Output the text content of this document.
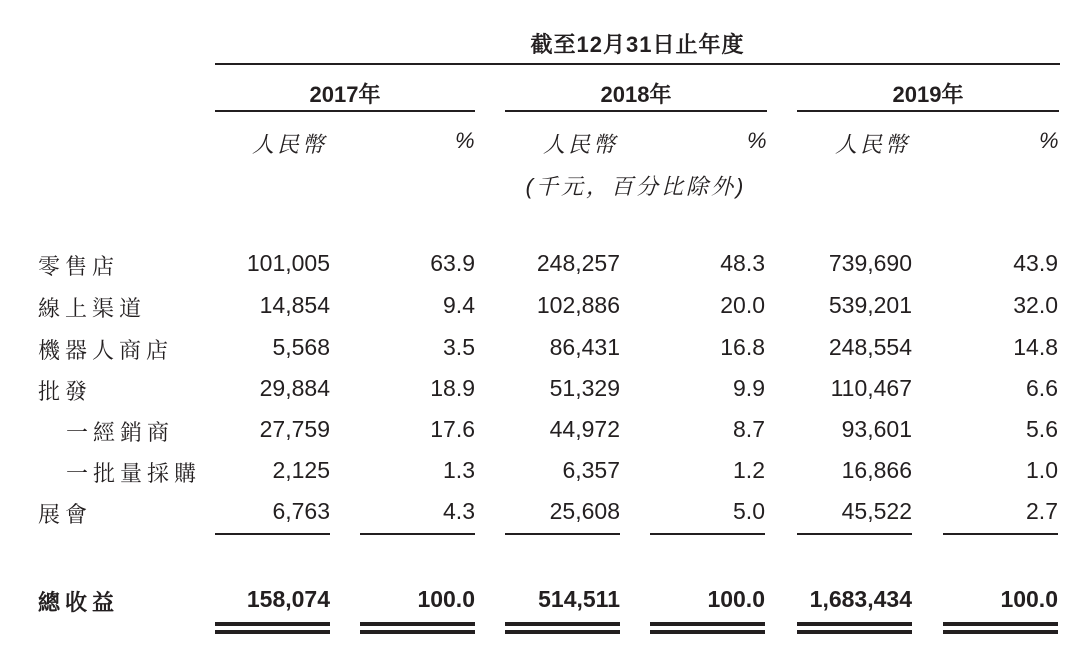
截至12月31日止年度
2017年	2018年	2019年
人民幣	%	人民幣	%	人民幣	%
(千元，百分比除外)
零售店	101,005	63.9	248,257	48.3	739,690	43.9
線上渠道	14,854	9.4	102,886	20.0	539,201	32.0
機器人商店	5,568	3.5	86,431	16.8	248,554	14.8
批發	29,884	18.9	51,329	9.9	110,467	6.6
一經銷商	27,759	17.6	44,972	8.7	93,601	5.6
一批量採購	2,125	1.3	6,357	1.2	16,866	1.0
展會	6,763	4.3	25,608	5.0	45,522	2.7
總收益	158,074	100.0	514,511	100.0	1,683,434	100.0
